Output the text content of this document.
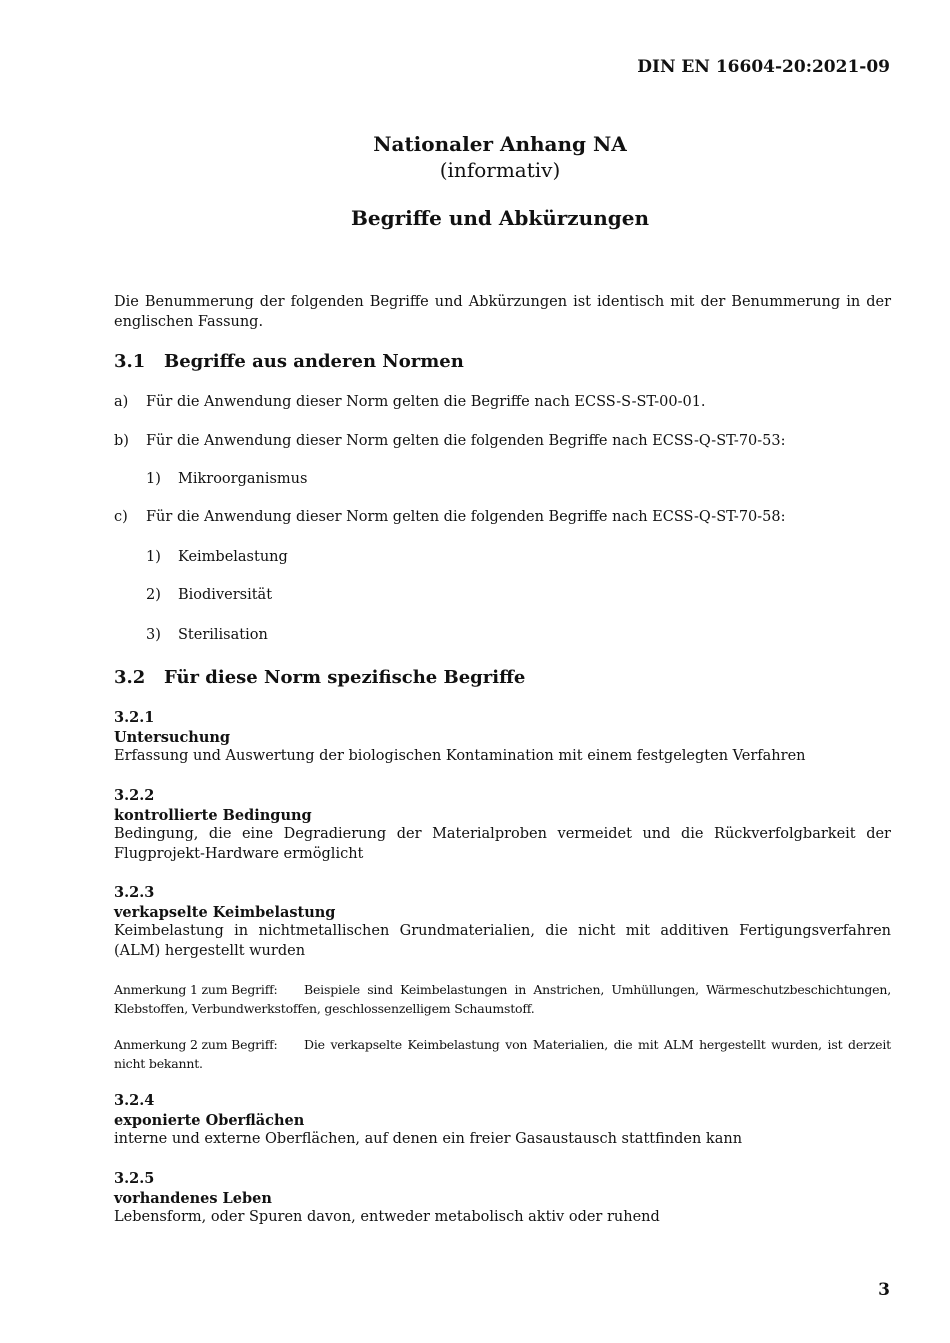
DIN EN 16604-20:2021-09
Nationaler Anhang NA
(informativ)
Begriffe und Abkürzungen
Die Benummerung der folgenden Begriffe und Abkürzungen ist identisch mit der Benummerung in der englischen Fassung.
3.1 Begriffe aus anderen Normen
a) Für die Anwendung dieser Norm gelten die Begriffe nach ECSS-S-ST-00-01.
b) Für die Anwendung dieser Norm gelten die folgenden Begriffe nach ECSS-Q-ST-70-53:
1) Mikroorganismus
c) Für die Anwendung dieser Norm gelten die folgenden Begriffe nach ECSS-Q-ST-70-58:
1) Keimbelastung
2) Biodiversität
3) Sterilisation
3.2 Für diese Norm spezifische Begriffe
3.2.1
Untersuchung
Erfassung und Auswertung der biologischen Kontamination mit einem festgelegten Verfahren
3.2.2
kontrollierte Bedingung
Bedingung, die eine Degradierung der Materialproben vermeidet und die Rückverfolgbarkeit der Flugprojekt-Hardware ermöglicht
3.2.3
verkapselte Keimbelastung
Keimbelastung in nichtmetallischen Grundmaterialien, die nicht mit additiven Fertigungsverfahren (ALM) hergestellt wurden
Anmerkung 1 zum Begriff: Beispiele sind Keimbelastungen in Anstrichen, Umhüllungen, Wärmeschutzbeschichtungen, Klebstoffen, Verbundwerkstoffen, geschlossenzelligem Schaumstoff.
Anmerkung 2 zum Begriff: Die verkapselte Keimbelastung von Materialien, die mit ALM hergestellt wurden, ist derzeit nicht bekannt.
3.2.4
exponierte Oberflächen
interne und externe Oberflächen, auf denen ein freier Gasaustausch stattfinden kann
3.2.5
vorhandenes Leben
Lebensform, oder Spuren davon, entweder metabolisch aktiv oder ruhend
3
